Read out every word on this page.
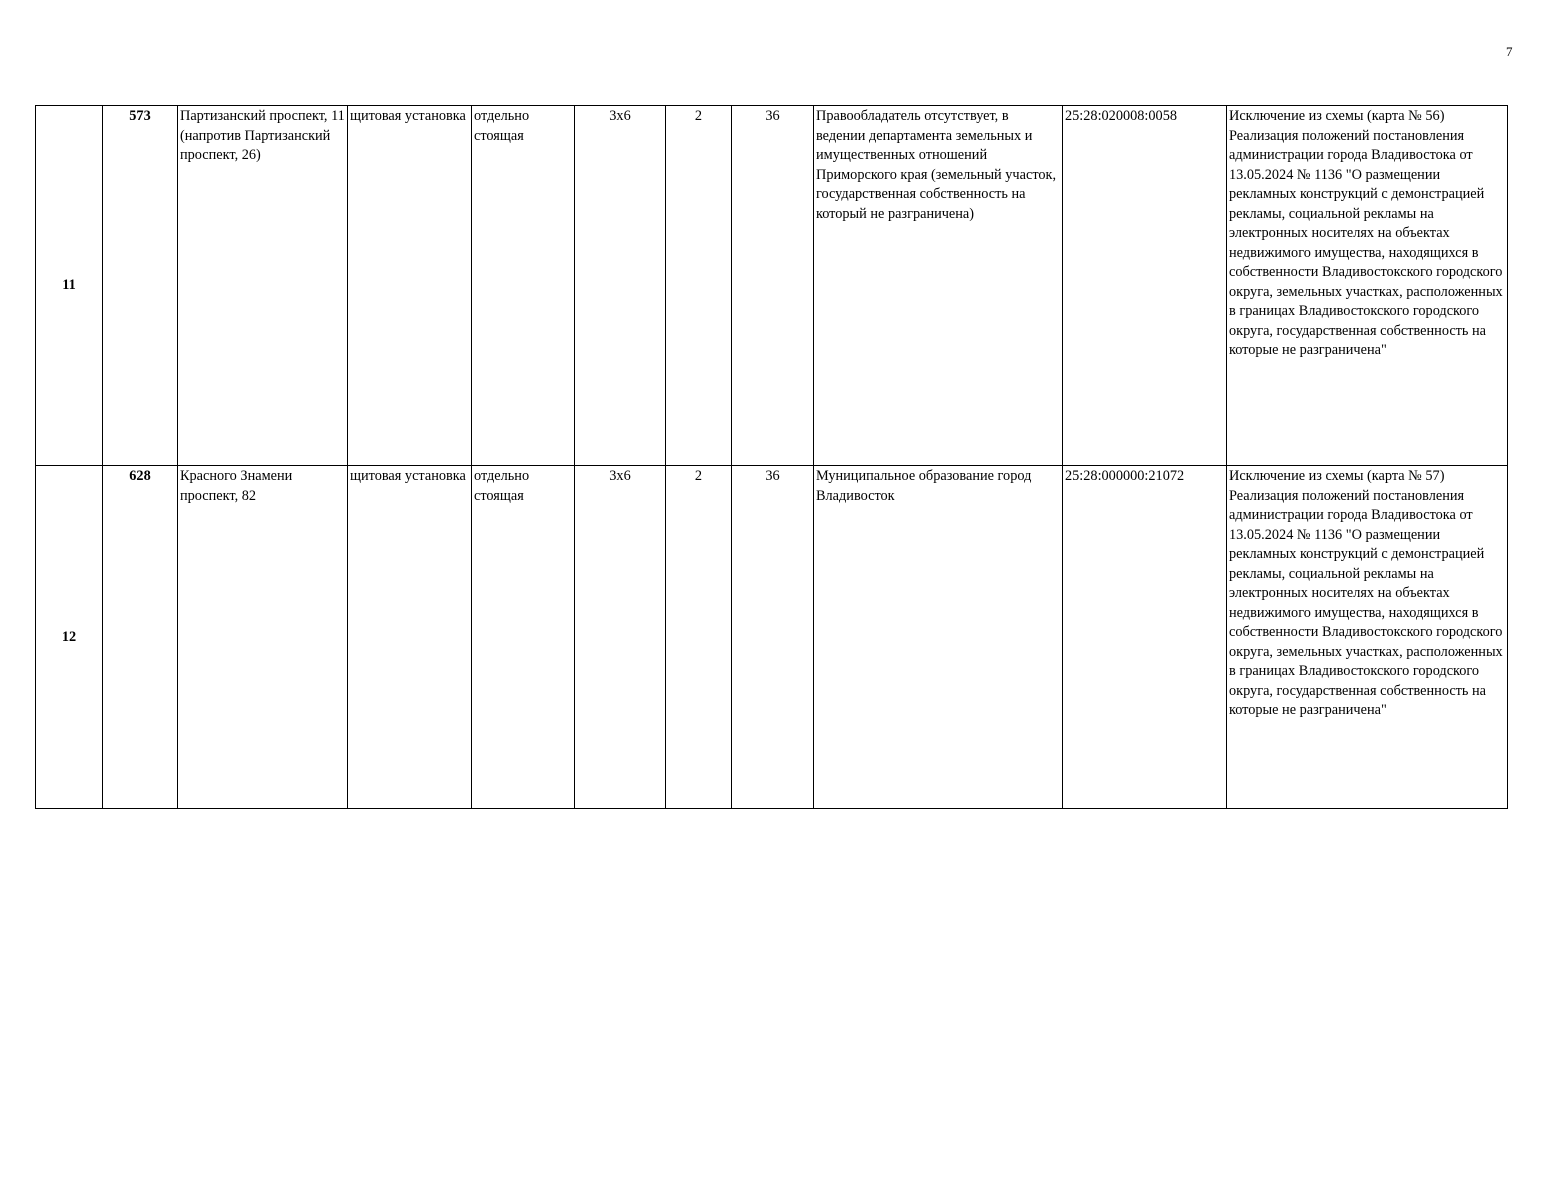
7
11	573	Партизанский проспект, 11 (напротив Партизанский проспект, 26)	щитовая установка	отдельно стоящая	3х6	2	36	Правообладатель отсутствует, в ведении департамента земельных и имущественных отношений Приморского края (земельный участок, государственная собственность на который не разграничена)	25:28:020008:0058	Исключение из схемы (карта № 56) Реализация положений постановления администрации города Владивостока от 13.05.2024 № 1136 "О размещении рекламных конструкций с демонстрацией рекламы, социальной рекламы на электронных носителях на объектах недвижимого имущества, находящихся в собственности Владивостокского городского округа, земельных участках, расположенных в границах Владивостокского городского округа, государственная собственность на которые не разграничена"
12	628	Красного Знамени проспект, 82	щитовая установка	отдельно стоящая	3х6	2	36	Муниципальное образование город Владивосток	25:28:000000:21072	Исключение из схемы (карта № 57) Реализация положений постановления администрации города Владивостока от 13.05.2024 № 1136 "О размещении рекламных конструкций с демонстрацией рекламы, социальной рекламы на электронных носителях на объектах недвижимого имущества, находящихся в собственности Владивостокского городского округа, земельных участках, расположенных в границах Владивостокского городского округа, государственная собственность на которые не разграничена"
